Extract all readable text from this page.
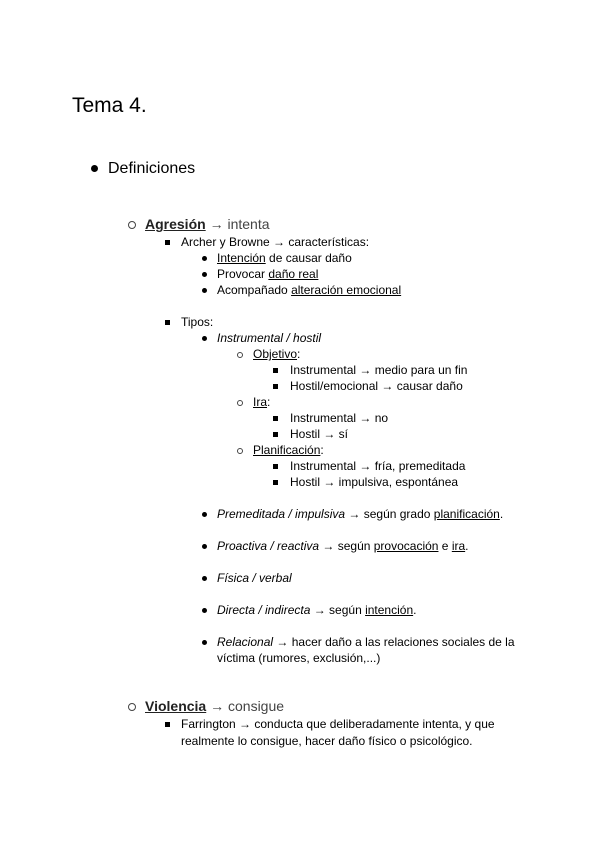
Tema 4.
Definiciones
Agresión → intenta
Archer y Browne → características:
Intención de causar daño
Provocar daño real
Acompañado alteración emocional
Tipos:
Instrumental / hostil
Objetivo:
Instrumental → medio para un fin
Hostil/emocional → causar daño
Ira:
Instrumental → no
Hostil → sí
Planificación:
Instrumental → fría, premeditada
Hostil → impulsiva, espontánea
Premeditada / impulsiva → según grado planificación.
Proactiva / reactiva → según provocación e ira.
Física / verbal
Directa / indirecta → según intención.
Relacional → hacer daño a las relaciones sociales de la
víctima (rumores, exclusión,...)
Violencia → consigue
Farrington → conducta que deliberadamente intenta, y que
realmente lo consigue, hacer daño físico o psicológico.
